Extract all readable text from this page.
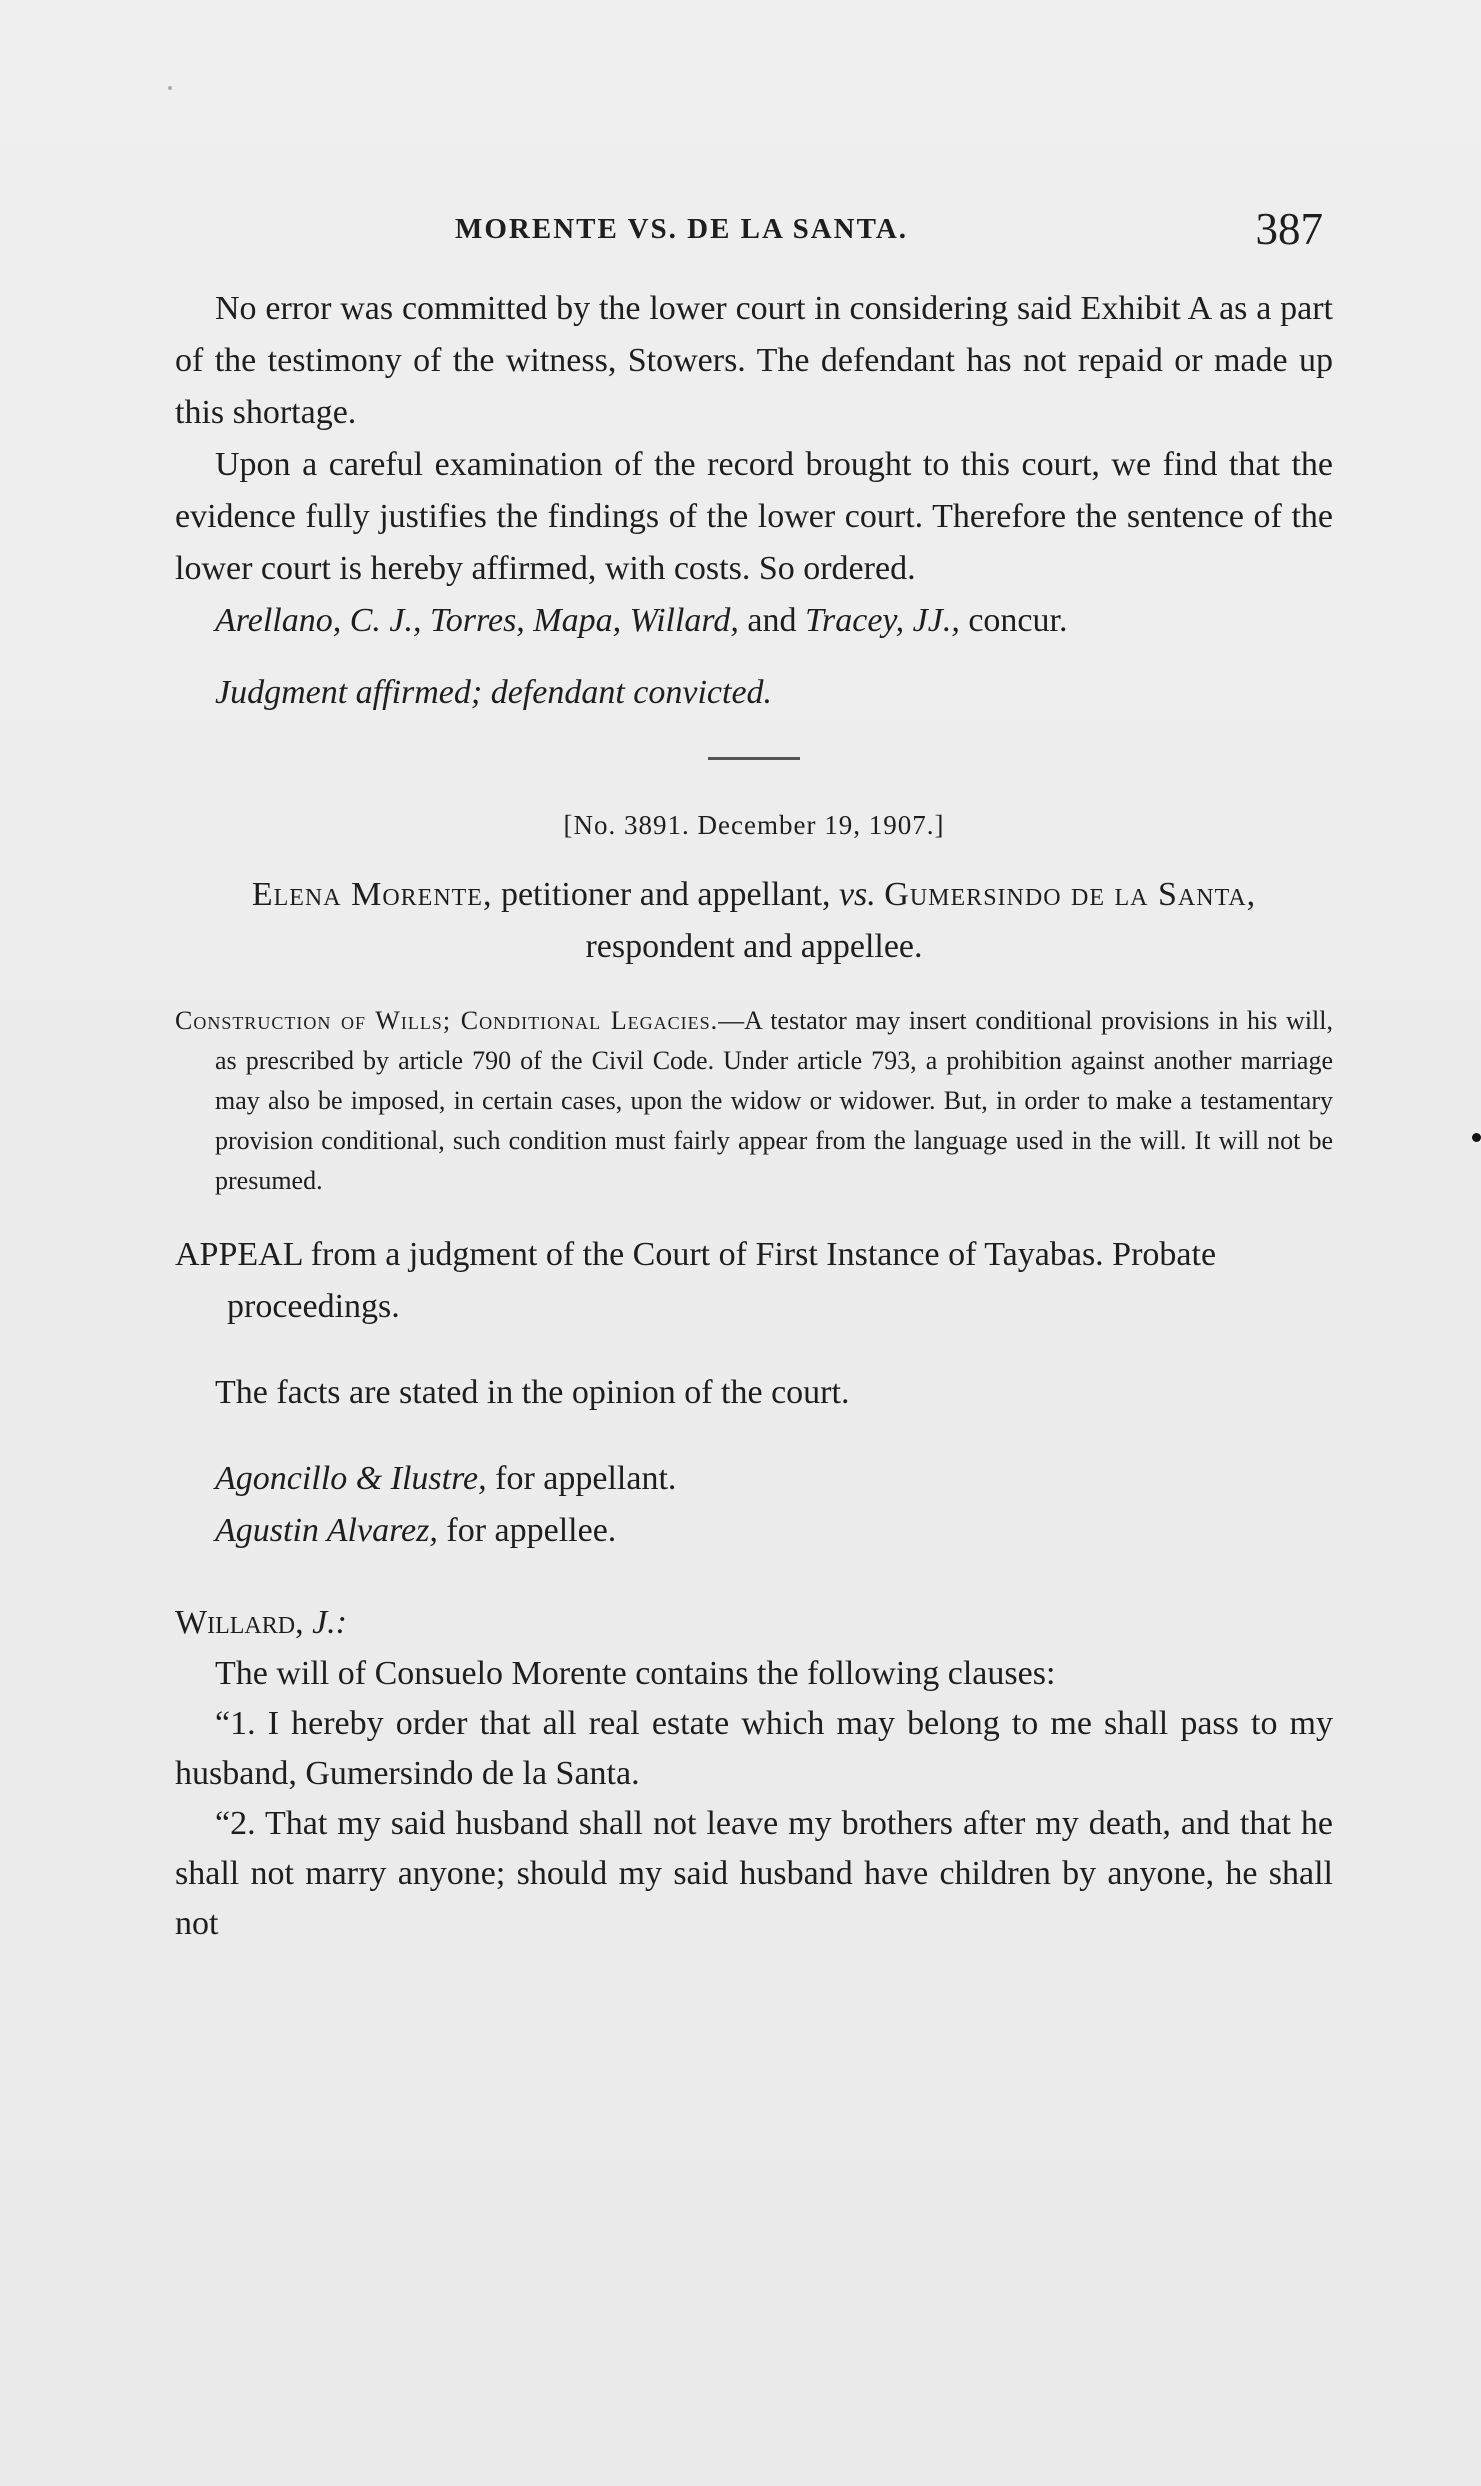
MORENTE VS. DE LA SANTA.	387

No error was committed by the lower court in considering said Exhibit A as a part of the testimony of the witness, Stowers. The defendant has not repaid or made up this shortage.

Upon a careful examination of the record brought to this court, we find that the evidence fully justifies the findings of the lower court. Therefore the sentence of the lower court is hereby affirmed, with costs. So ordered.

Arellano, C. J., Torres, Mapa, Willard, and Tracey, JJ., concur.

Judgment affirmed; defendant convicted.

[No. 3891. December 19, 1907.]
Elena Morente, petitioner and appellant, vs. Gumersindo de la Santa, respondent and appellee.

Construction of Wills; Conditional Legacies.—A testator may insert conditional provisions in his will, as prescribed by article 790 of the Civil Code. Under article 793, a prohibition against another marriage may also be imposed, in certain cases, upon the widow or widower. But, in order to make a testamentary provision conditional, such condition must fairly appear from the language used in the will. It will not be presumed.

APPEAL from a judgment of the Court of First Instance of Tayabas. Probate proceedings.

The facts are stated in the opinion of the court.

Agoncillo & Ilustre, for appellant.

Agustin Alvarez, for appellee.

Willard, J.:

The will of Consuelo Morente contains the following clauses:

“1. I hereby order that all real estate which may belong to me shall pass to my husband, Gumersindo de la Santa.

“2. That my said husband shall not leave my brothers after my death, and that he shall not marry anyone; should my said husband have children by anyone, he shall not
